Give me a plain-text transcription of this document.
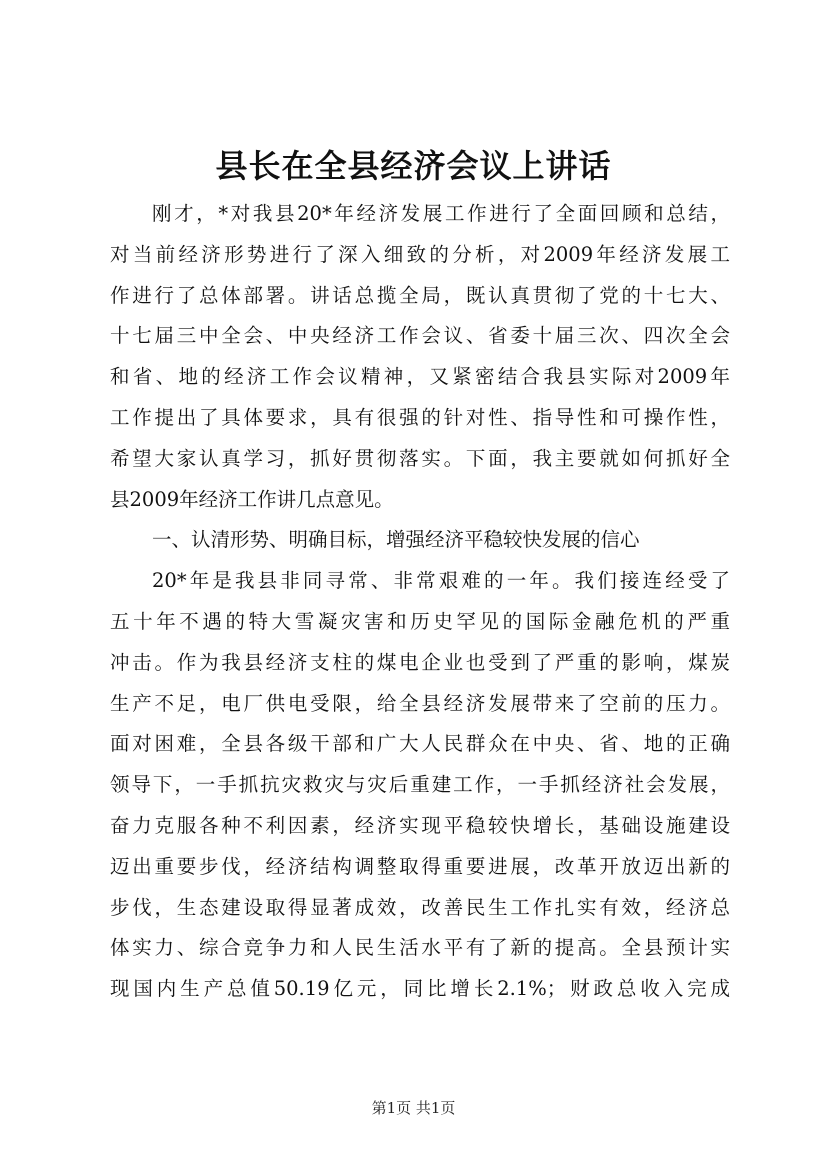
县长在全县经济会议上讲话
刚才，*对我县20*年经济发展工作进行了全面回顾和总结，
对当前经济形势进行了深入细致的分析，对2009年经济发展工
作进行了总体部署。讲话总揽全局，既认真贯彻了党的十七大、
十七届三中全会、中央经济工作会议、省委十届三次、四次全会
和省、地的经济工作会议精神，又紧密结合我县实际对2009年
工作提出了具体要求，具有很强的针对性、指导性和可操作性，
希望大家认真学习，抓好贯彻落实。下面，我主要就如何抓好全
县2009年经济工作讲几点意见。
一、认清形势、明确目标，增强经济平稳较快发展的信心
20*年是我县非同寻常、非常艰难的一年。我们接连经受了
五十年不遇的特大雪凝灾害和历史罕见的国际金融危机的严重
冲击。作为我县经济支柱的煤电企业也受到了严重的影响，煤炭
生产不足，电厂供电受限，给全县经济发展带来了空前的压力。
面对困难，全县各级干部和广大人民群众在中央、省、地的正确
领导下，一手抓抗灾救灾与灾后重建工作，一手抓经济社会发展，
奋力克服各种不利因素，经济实现平稳较快增长，基础设施建设
迈出重要步伐，经济结构调整取得重要进展，改革开放迈出新的
步伐，生态建设取得显著成效，改善民生工作扎实有效，经济总
体实力、综合竞争力和人民生活水平有了新的提高。全县预计实
现国内生产总值50.19亿元，同比增长2.1%；财政总收入完成
第1页 共1页
